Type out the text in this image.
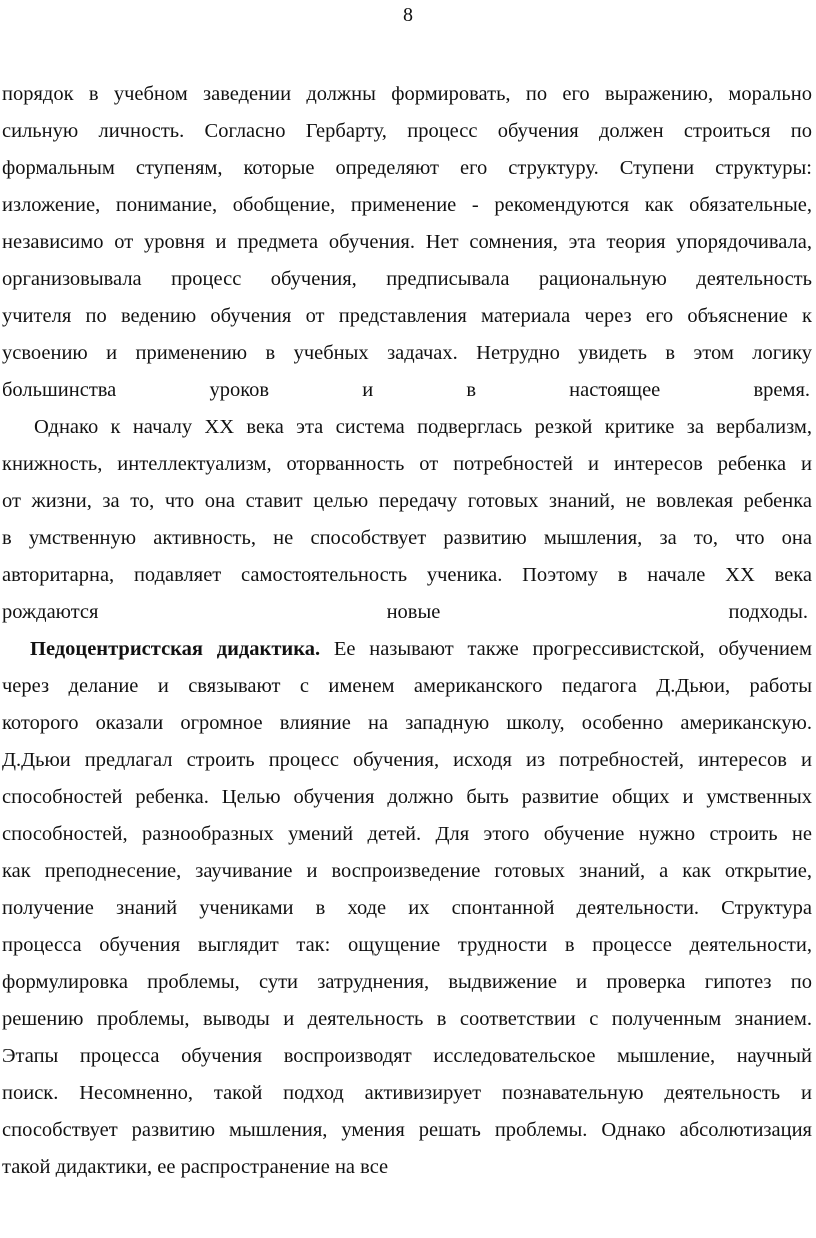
8
порядок в учебном заведении должны формировать, по его выражению, морально
сильную личность. Согласно Гербарту, процесс обучения должен строиться по
формальным ступеням, которые определяют его структуру. Ступени структуры:
изложение, понимание, обобщение, применение - рекомендуются как обязательные,
независимо от уровня и предмета обучения. Нет сомнения, эта теория упорядочивала,
организовывала процесс обучения, предписывала рациональную деятельность
учителя по ведению обучения от представления материала через его объяснение к
усвоению и применению в учебных задачах. Нетрудно увидеть в этом логику
большинства уроков и в настоящее время.
Однако к началу XX века эта система подверглась резкой критике за вербализм,
книжность, интеллектуализм, оторванность от потребностей и интересов ребенка и
от жизни, за то, что она ставит целью передачу готовых знаний, не вовлекая ребенка
в умственную активность, не способствует развитию мышления, за то, что она
авторитарна, подавляет самостоятельность ученика. Поэтому в начале XX века
рождаются новые подходы.
Педоцентристская дидактика. Ее называют также прогрессивистской, обучением
через делание и связывают с именем американского педагога Д.Дьюи, работы
которого оказали огромное влияние на западную школу, особенно американскую.
Д.Дьюи предлагал строить процесс обучения, исходя из потребностей, интересов и
способностей ребенка. Целью обучения должно быть развитие общих и умственных
способностей, разнообразных умений детей. Для этого обучение нужно строить не
как преподнесение, заучивание и воспроизведение готовых знаний, а как открытие,
получение знаний учениками в ходе их спонтанной деятельности. Структура
процесса обучения выглядит так: ощущение трудности в процессе деятельности,
формулировка проблемы, сути затруднения, выдвижение и проверка гипотез по
решению проблемы, выводы и деятельность в соответствии с полученным знанием.
Этапы процесса обучения воспроизводят исследовательское мышление, научный
поиск. Несомненно, такой подход активизирует познавательную деятельность и
способствует развитию мышления, умения решать проблемы. Однако абсолютизация
такой дидактики, ее распространение на все
